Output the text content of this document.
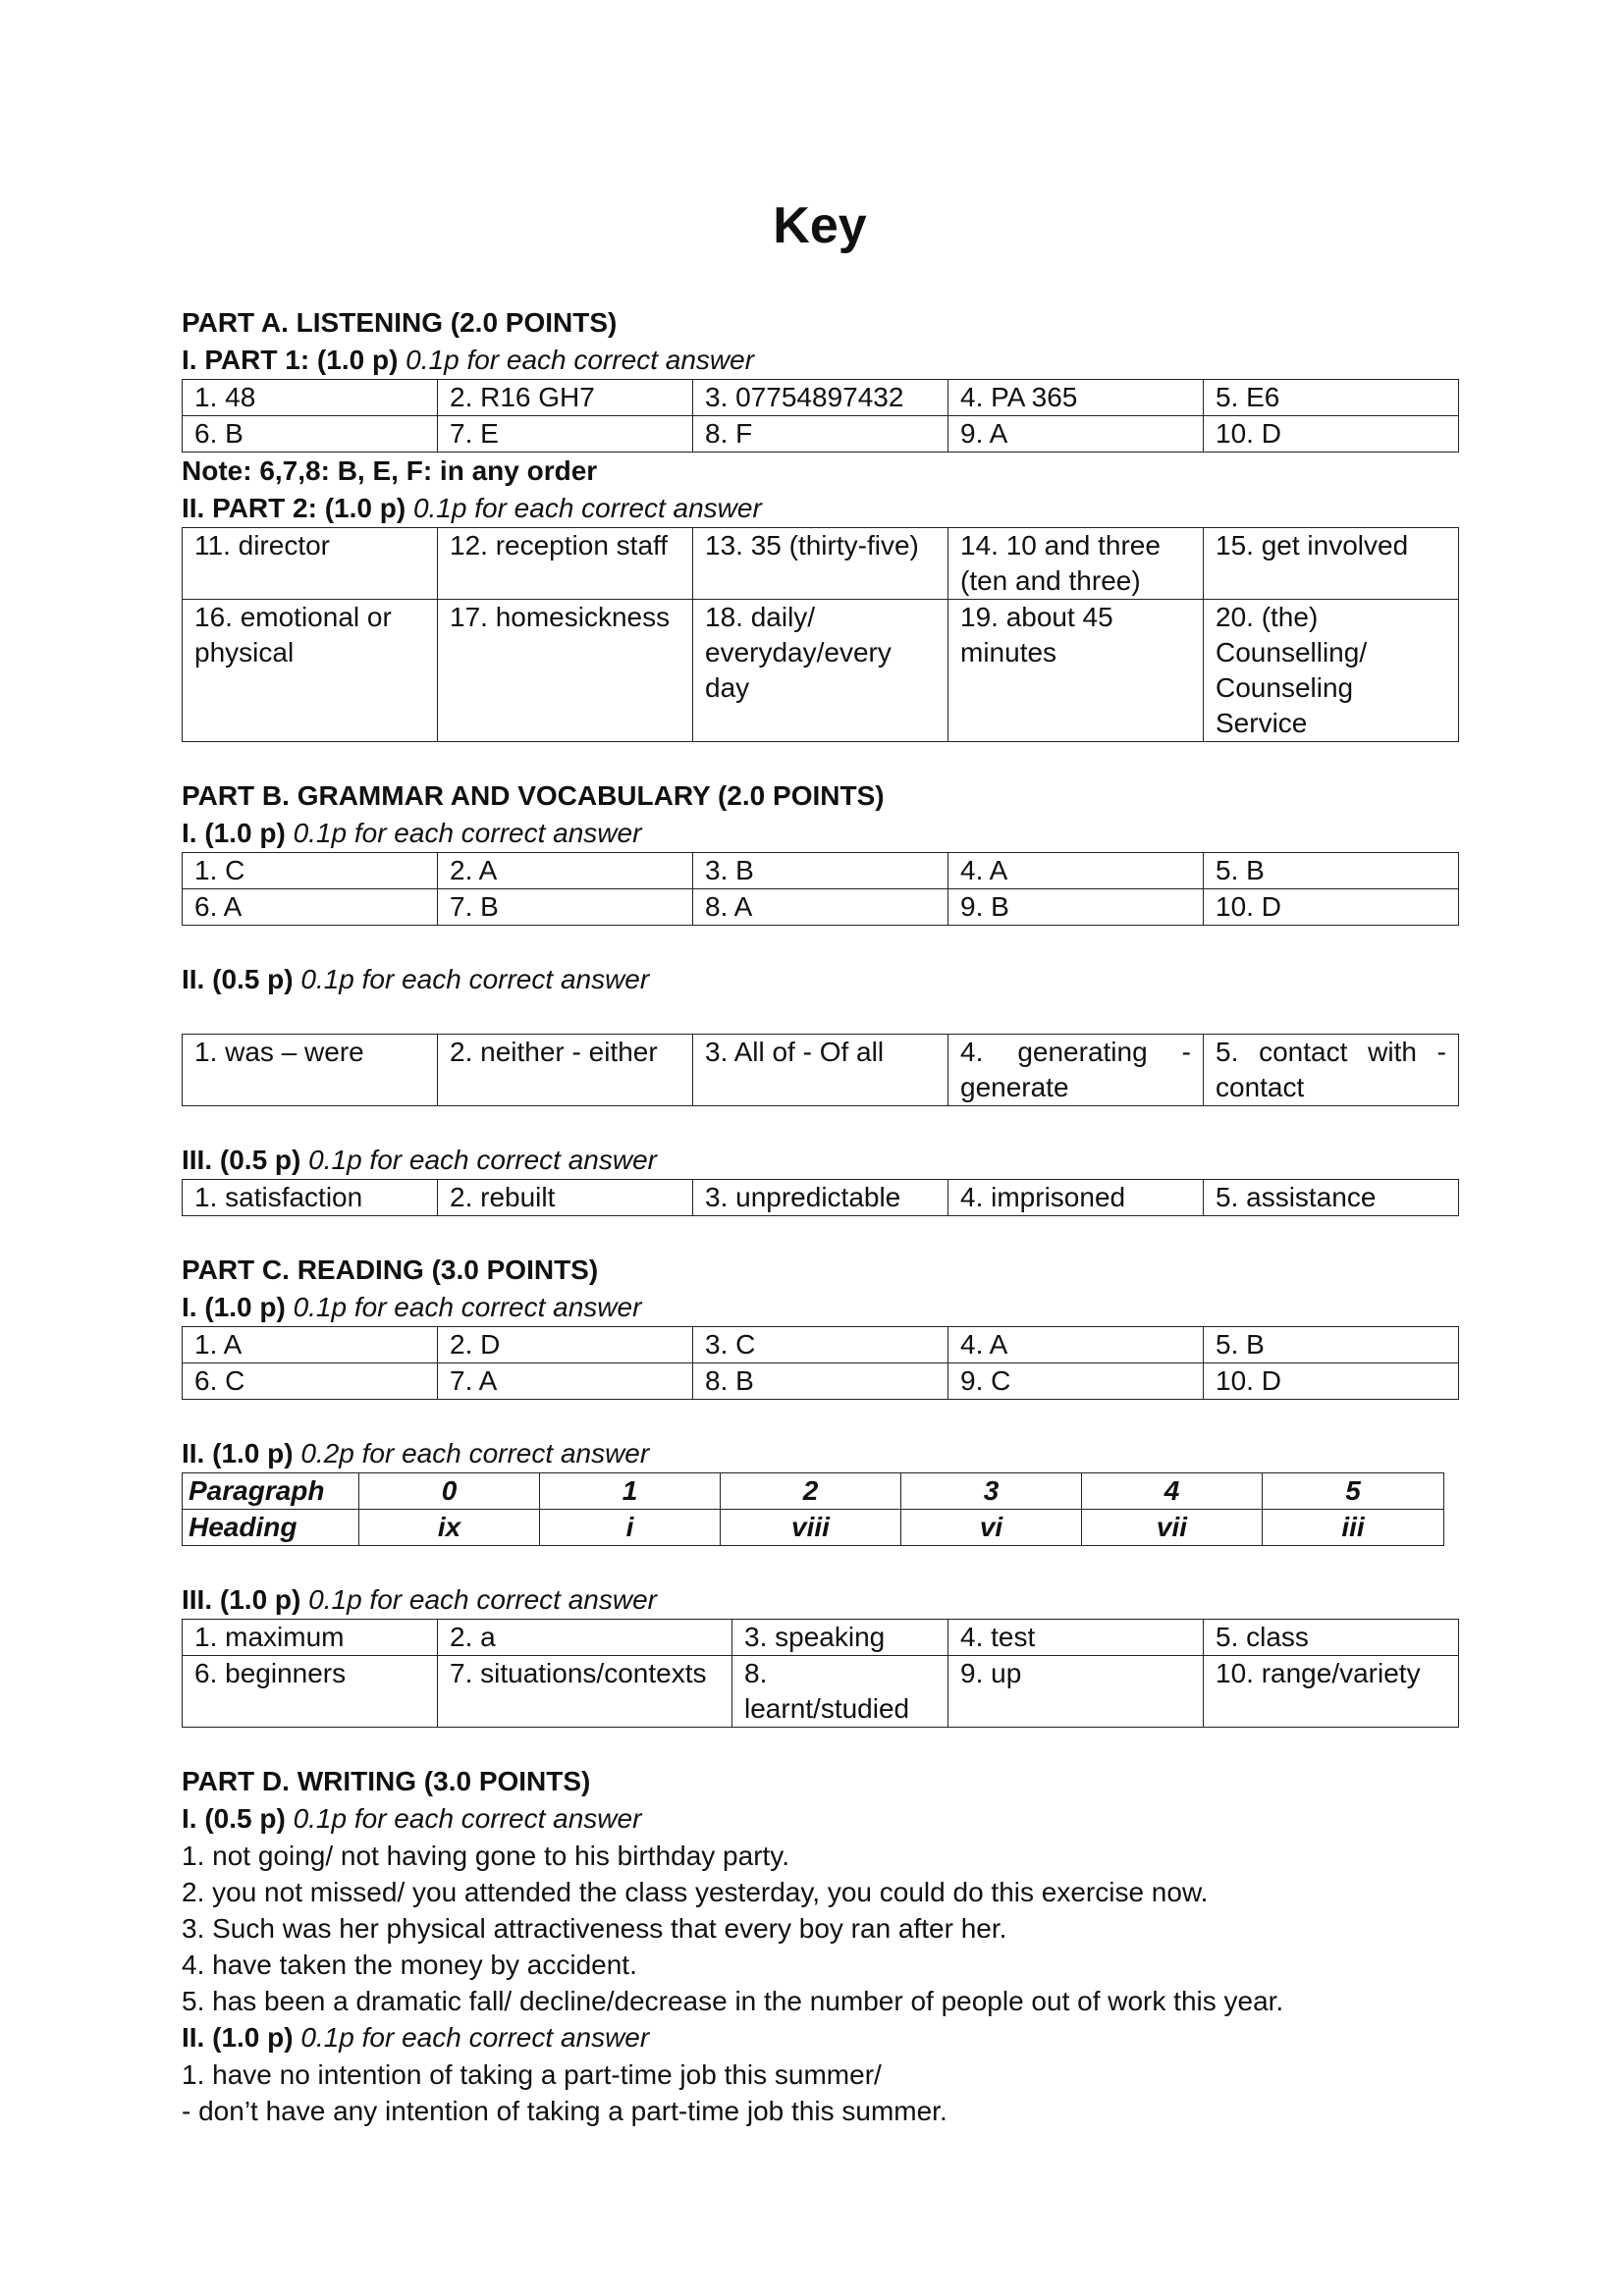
Key

PART A. LISTENING (2.0 POINTS)

I. PART 1: (1.0 p) 0.1p for each correct answer

1. 48	2. R16 GH7	3. 07754897432	4. PA 365	5. E6
6. B	7. E	8. F	9. A	10. D

Note: 6,7,8: B, E, F: in any order

II. PART 2: (1.0 p) 0.1p for each correct answer

11. director	12. reception staff	13. 35 (thirty-five)	14. 10 and three (ten and three)	15. get involved
16. emotional or physical	17. homesickness	18. daily/ everyday/every day	19. about 45 minutes	20. (the) Counselling/ Counseling Service

PART B. GRAMMAR AND VOCABULARY (2.0 POINTS)

I. (1.0 p) 0.1p for each correct answer

1. C	2. A	3. B	4. A	5. B
6. A	7. B	8. A	9. B	10. D

II. (0.5 p) 0.1p for each correct answer

1. was – were	2. neither - either	3. All of - Of all	4. generating -generate	5. contact with - contact

III. (0.5 p) 0.1p for each correct answer

1. satisfaction	2. rebuilt	3. unpredictable	4. imprisoned	5. assistance

PART C. READING (3.0 POINTS)

I. (1.0 p) 0.1p for each correct answer

1. A	2. D	3. C	4. A	5. B
6. C	7. A	8. B	9. C	10. D

II. (1.0 p) 0.2p for each correct answer

Paragraph	0	1	2	3	4	5
Heading	ix	i	viii	vi	vii	iii

III. (1.0 p) 0.1p for each correct answer

1. maximum	2. a	3. speaking	4. test	5. class
6. beginners	7. situations/contexts	8. learnt/studied	9. up	10. range/variety

PART D. WRITING (3.0 POINTS)

I. (0.5 p) 0.1p for each correct answer

1. not going/ not having gone to his birthday party.

2. you not missed/ you attended the class yesterday, you could do this exercise now.

3. Such was her physical attractiveness that every boy ran after her.

4. have taken the money by accident.

5. has been a dramatic fall/ decline/decrease in the number of people out of work this year.

II. (1.0 p) 0.1p for each correct answer

1. have no intention of taking a part-time job this summer/

- don’t have any intention of taking a part-time job this summer.
